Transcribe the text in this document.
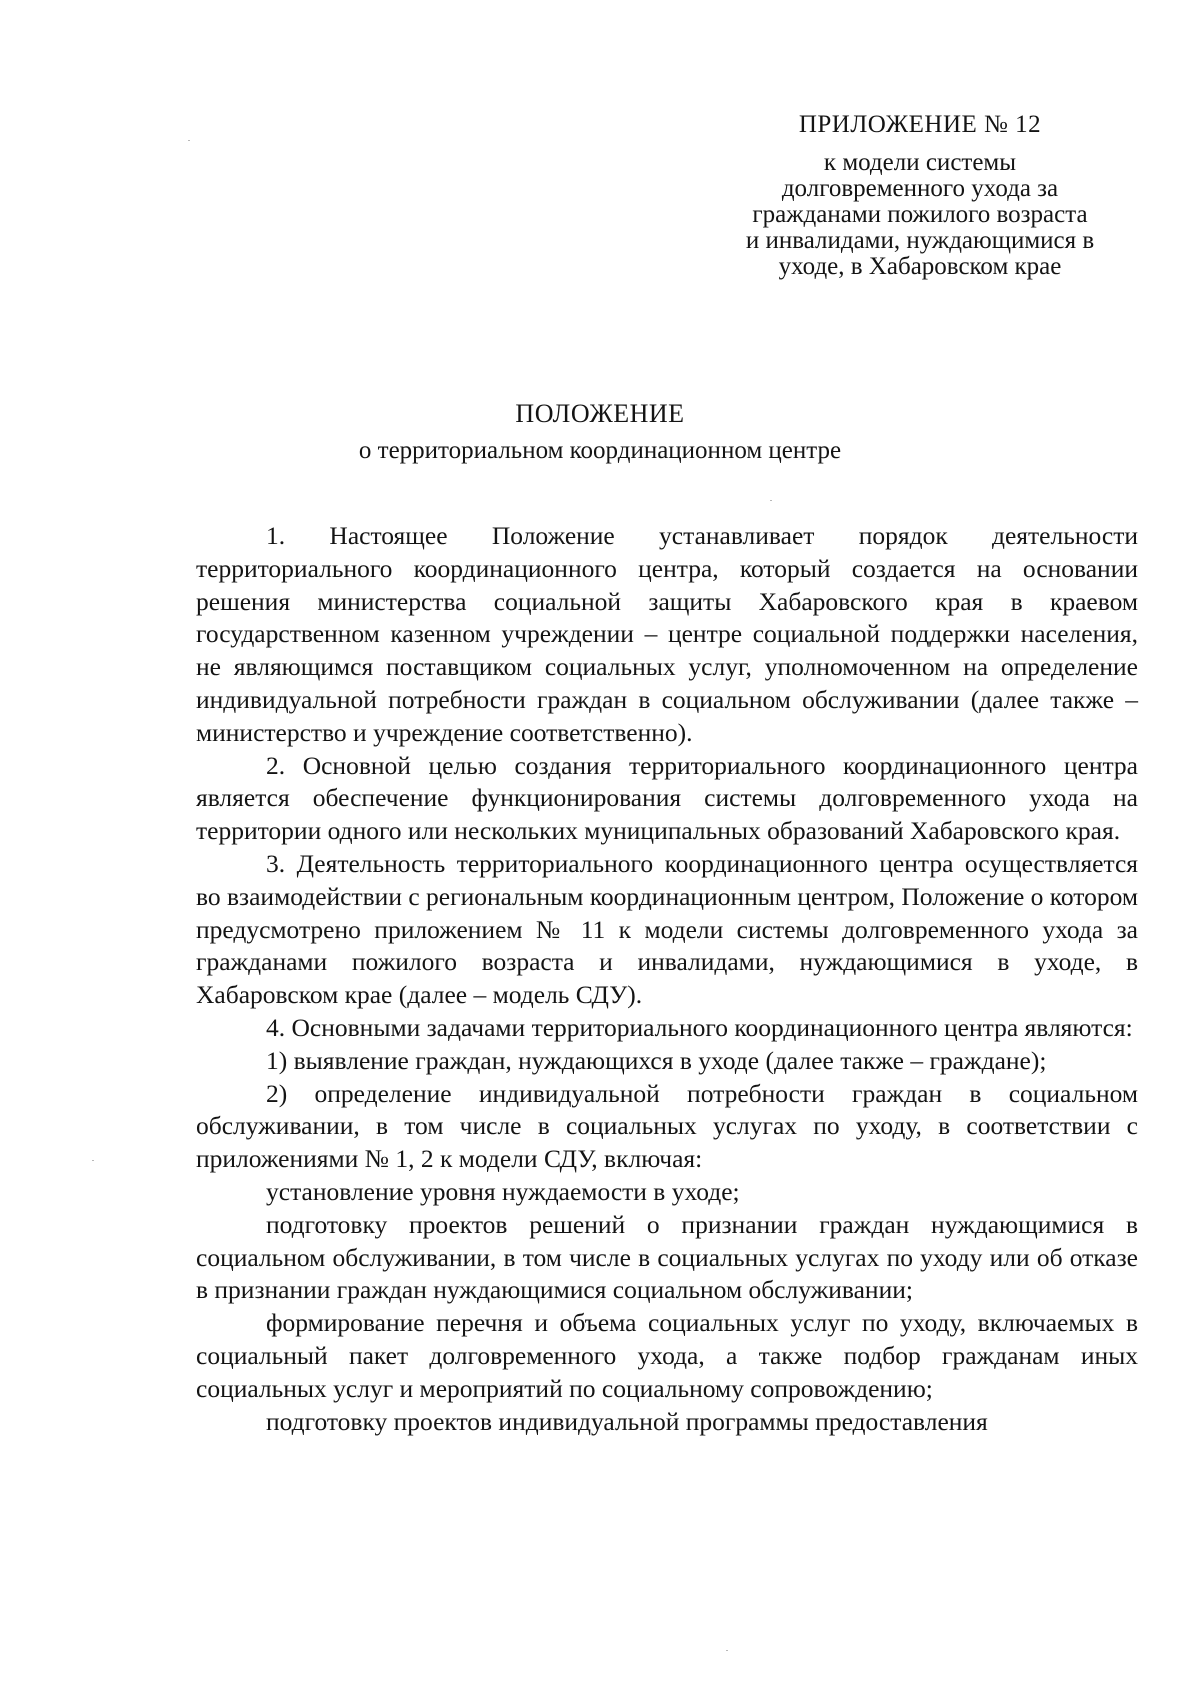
ПРИЛОЖЕНИЕ № 12
к модели системы
долговременного ухода за
гражданами пожилого возраста
и инвалидами, нуждающимися в
уходе, в Хабаровском крае
ПОЛОЖЕНИЕ
о территориальном координационном центре

1. Настоящее Положение устанавливает порядок деятельности территориального координационного центра, который создается на основании решения министерства социальной защиты Хабаровского края в краевом государственном казенном учреждении – центре социальной поддержки населения, не являющимся поставщиком социальных услуг, уполномоченном на определение индивидуальной потребности граждан в социальном обслуживании (далее также – министерство и учреждение соответственно).

2. Основной целью создания территориального координационного центра является обеспечение функционирования системы долговременного ухода на территории одного или нескольких муниципальных образований Хабаровского края.

3. Деятельность территориального координационного центра осуществляется во взаимодействии с региональным координационным центром, Положение о котором предусмотрено приложением № 11 к модели системы долговременного ухода за гражданами пожилого возраста и инвалидами, нуждающимися в уходе, в Хабаровском крае (далее – модель СДУ).

4. Основными задачами территориального координационного центра являются:

1) выявление граждан, нуждающихся в уходе (далее также – граждане);

2) определение индивидуальной потребности граждан в социальном обслуживании, в том числе в социальных услугах по уходу, в соответствии с приложениями № 1, 2 к модели СДУ, включая:

установление уровня нуждаемости в уходе;

подготовку проектов решений о признании граждан нуждающимися в социальном обслуживании, в том числе в социальных услугах по уходу или об отказе в признании граждан нуждающимися социальном обслуживании;

формирование перечня и объема социальных услуг по уходу, включаемых в социальный пакет долговременного ухода, а также подбор гражданам иных социальных услуг и мероприятий по социальному сопровождению;

подготовку проектов индивидуальной программы предоставления
